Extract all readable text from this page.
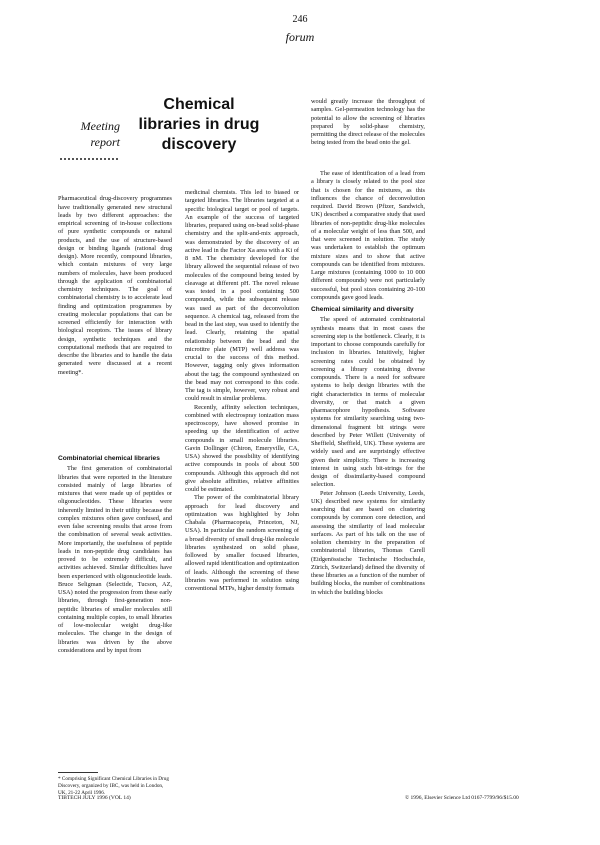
246
forum
Meeting
report
Chemical libraries in drug discovery

Pharmaceutical drug-discovery programmes have traditionally generated new structural leads by two different approaches: the empirical screening of in-house collections of pure synthetic compounds or natural products, and the use of structure-based design or binding ligands (rational drug design). More recently, compound libraries, which contain mixtures of very large numbers of molecules, have been produced through the application of combinatorial chemistry techniques. The goal of combinatorial chemistry is to accelerate lead finding and optimization programmes by creating molecular populations that can be screened efficiently for interaction with biological receptors. The issues of library design, synthetic techniques and the computational methods that are required to describe the libraries and to handle the data generated were discussed at a recent meeting*.

Combinatorial chemical libraries

The first generation of combinatorial libraries that were reported in the literature consisted mainly of large libraries of mixtures that were made up of peptides or oligonucleotides. These libraries were inherently limited in their utility because the complex mixtures often gave confused, and even false screening results that arose from the combination of several weak activities. More importantly, the usefulness of peptide leads in non-peptide drug candidates has proved to be extremely difficult, and activities achieved. Similar difficulties have been experienced with oligonucleotide leads. Bruce Seligman (Selectide, Tucson, AZ, USA) noted the progression from these early libraries, through first-generation non-peptidic libraries of smaller molecules still containing multiple copies, to small libraries of low-molecular weight drug-like molecules. The change in the design of libraries was driven by the above considerations and by input from

* Comprising Significant Chemical Libraries in Drug Discovery, organized by IBC, was held in London, UK, 21-22 April 1996.

medicinal chemists. This led to biased or targeted libraries. The libraries targeted at a specific biological target or pool of targets. An example of the success of targeted libraries, prepared using on-bead solid-phase chemistry and the split-and-mix approach, was demonstrated by the discovery of an active lead in the Factor Xa area with a Ki of 8 nM. The chemistry developed for the library allowed the sequential release of two molecules of the compound being tested by cleavage at different pH. The novel release was tested in a pool containing 500 compounds, while the subsequent release was used as part of the deconvolution sequence. A chemical tag, released from the bead in the last step, was used to identify the lead. Clearly, retaining the spatial relationship between the bead and the microtitre plate (MTP) well address was crucial to the success of this method. However, tagging only gives information about the tag; the compound synthesized on the bead may not correspond to this code. The tag is simple, however, very robust and could result in similar problems.

Recently, affinity selection techniques, combined with electrospray ionization mass spectroscopy, have showed promise in speeding up the identification of active compounds in small molecule libraries. Gavin Dollinger (Chiron, Emeryville, CA, USA) showed the possibility of identifying active compounds in pools of about 500 compounds. Although this approach did not give absolute affinities, relative affinities could be estimated.

The power of the combinatorial library approach for lead discovery and optimization was highlighted by John Chabala (Pharmacopeia, Princeton, NJ, USA). In particular the random screening of a broad diversity of small drug-like molecule libraries synthesized on solid phase, followed by smaller focused libraries, allowed rapid identification and optimization of leads. Although the screening of these libraries was performed in solution using conventional MTPs, higher density formats

would greatly increase the throughput of samples. Gel-permeation technology has the potential to allow the screening of libraries prepared by solid-phase chemistry, permitting the direct release of the molecules being tested from the bead onto the gel.

The ease of identification of a lead from a library is closely related to the pool size that is chosen for the mixtures, as this influences the chance of deconvolution required. David Brown (Pfizer, Sandwich, UK) described a comparative study that used libraries of non-peptidic drug-like molecules of a molecular weight of less than 500, and that were screened in solution. The study was undertaken to establish the optimum mixture sizes and to show that active compounds can be identified from mixtures. Large mixtures (containing 1000 to 10 000 different compounds) were not particularly successful, but pool sizes containing 20-100 compounds gave good leads.

Chemical similarity and diversity

The speed of automated combinatorial synthesis means that in most cases the screening step is the bottleneck. Clearly, it is important to choose compounds carefully for inclusion in libraries. Intuitively, higher screening rates could be obtained by screening a library containing diverse compounds. There is a need for software systems to help design libraries with the right characteristics in terms of molecular diversity, or that match a given pharmacophore hypothesis. Software systems for similarity searching using two-dimensional fragment bit strings were described by Peter Willett (University of Sheffield, Sheffield, UK). These systems are widely used and are surprisingly effective given their simplicity. There is increasing interest in using such bit-strings for the design of dissimilarity-based compound selection.

Peter Johnson (Leeds University, Leeds, UK) described new systems for similarity searching that are based on clustering compounds by common core detection, and assessing the similarity of lead molecular surfaces. As part of his talk on the use of solution chemistry in the preparation of combinatorial libraries, Thomas Carell (Eidgenössische Technische Hochschule, Zürich, Switzerland) defined the diversity of these libraries as a function of the number of building blocks, the number of combinations in which the building blocks

TIBTECH JULY 1996 (VOL 14)	© 1996, Elsevier Science Ltd 0167-7799/96/$15.00
